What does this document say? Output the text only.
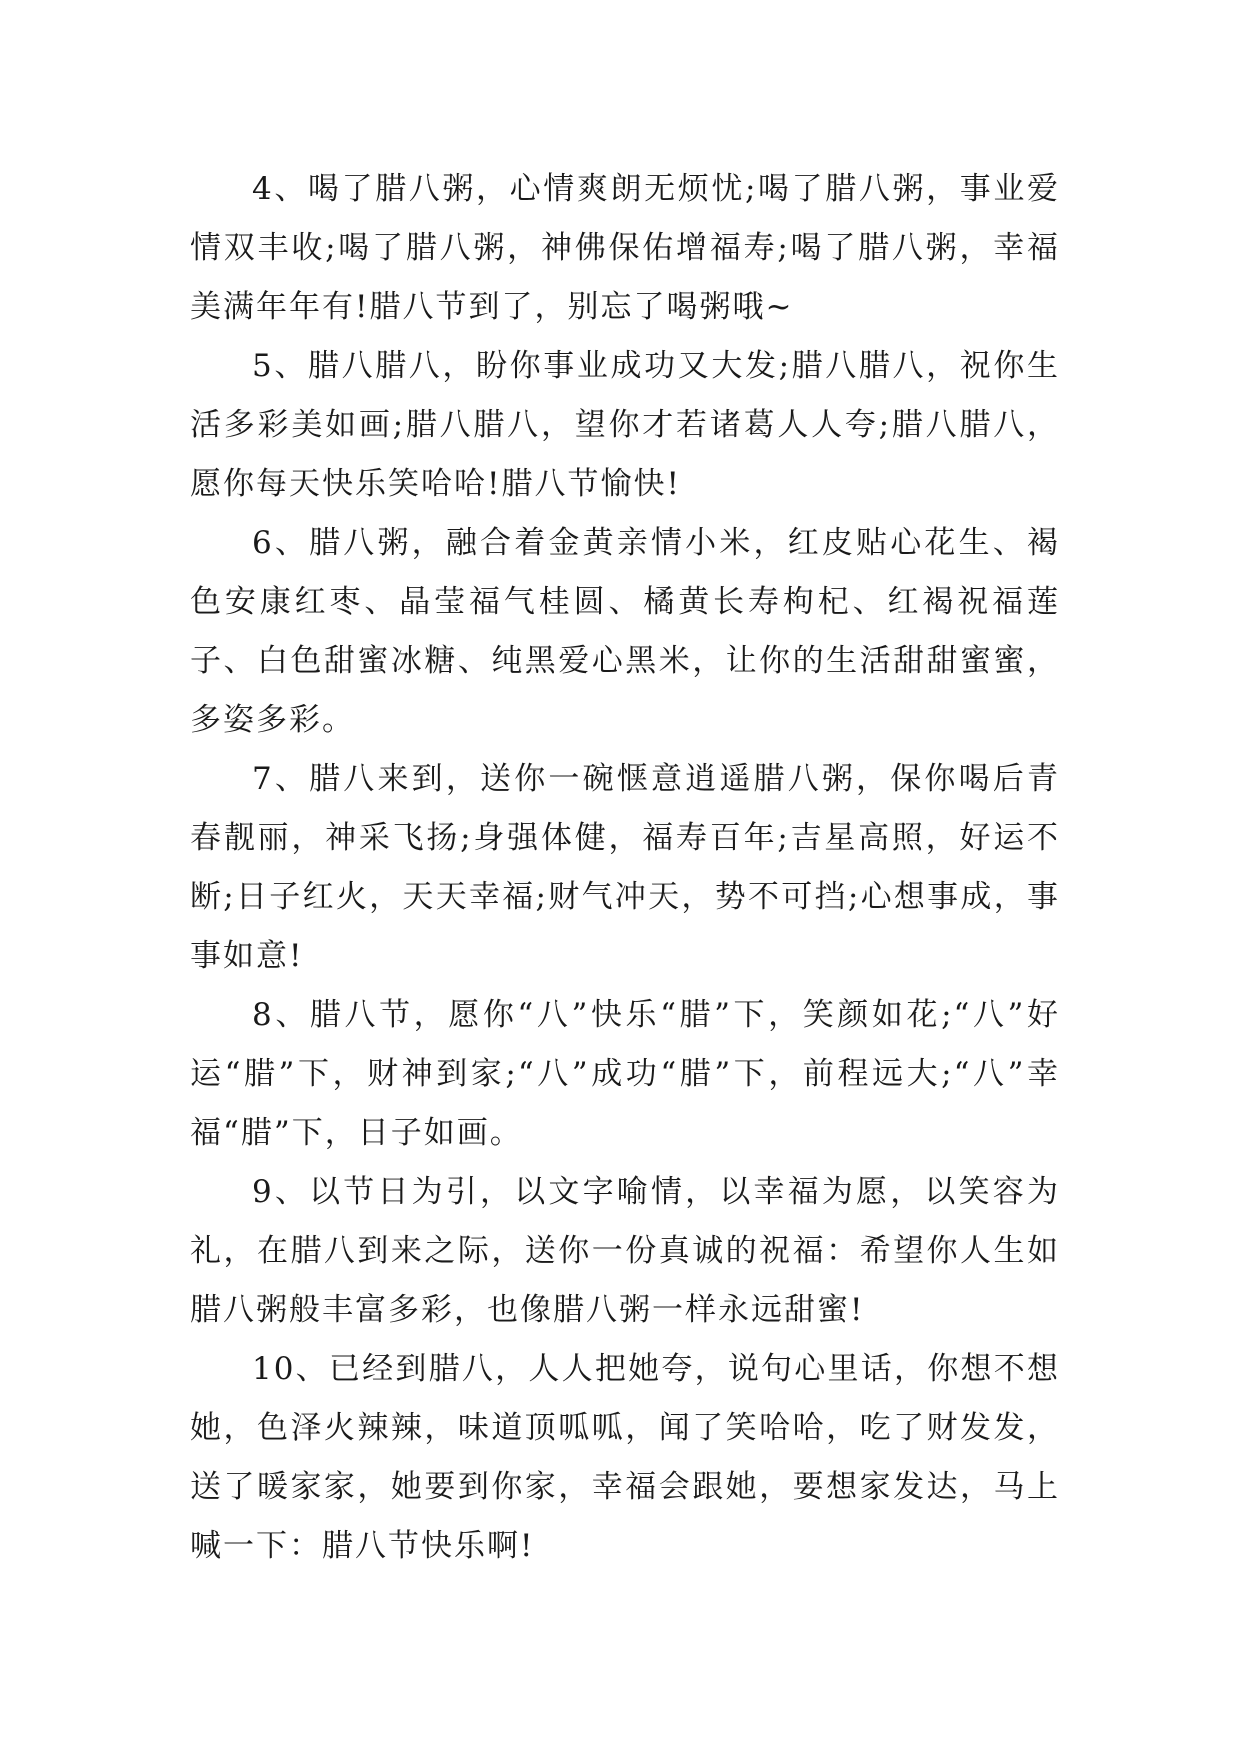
4、喝了腊八粥，心情爽朗无烦忧;喝了腊八粥，事业爱情双丰收;喝了腊八粥，神佛保佑增福寿;喝了腊八粥，幸福美满年年有!腊八节到了，别忘了喝粥哦~

5、腊八腊八，盼你事业成功又大发;腊八腊八，祝你生活多彩美如画;腊八腊八，望你才若诸葛人人夸;腊八腊八，愿你每天快乐笑哈哈!腊八节愉快!

6、腊八粥，融合着金黄亲情小米，红皮贴心花生、褐色安康红枣、晶莹福气桂圆、橘黄长寿枸杞、红褐祝福莲子、白色甜蜜冰糖、纯黑爱心黑米，让你的生活甜甜蜜蜜，多姿多彩。

7、腊八来到，送你一碗惬意逍遥腊八粥，保你喝后青春靓丽，神采飞扬;身强体健，福寿百年;吉星高照，好运不断;日子红火，天天幸福;财气冲天，势不可挡;心想事成，事事如意!

8、腊八节，愿你“八”快乐“腊”下，笑颜如花;“八”好运“腊”下，财神到家;“八”成功“腊”下，前程远大;“八”幸福“腊”下，日子如画。

9、以节日为引，以文字喻情，以幸福为愿，以笑容为礼，在腊八到来之际，送你一份真诚的祝福：希望你人生如腊八粥般丰富多彩，也像腊八粥一样永远甜蜜!

10、已经到腊八，人人把她夸，说句心里话，你想不想她，色泽火辣辣，味道顶呱呱，闻了笑哈哈，吃了财发发，送了暖家家，她要到你家，幸福会跟她，要想家发达，马上喊一下：腊八节快乐啊!
